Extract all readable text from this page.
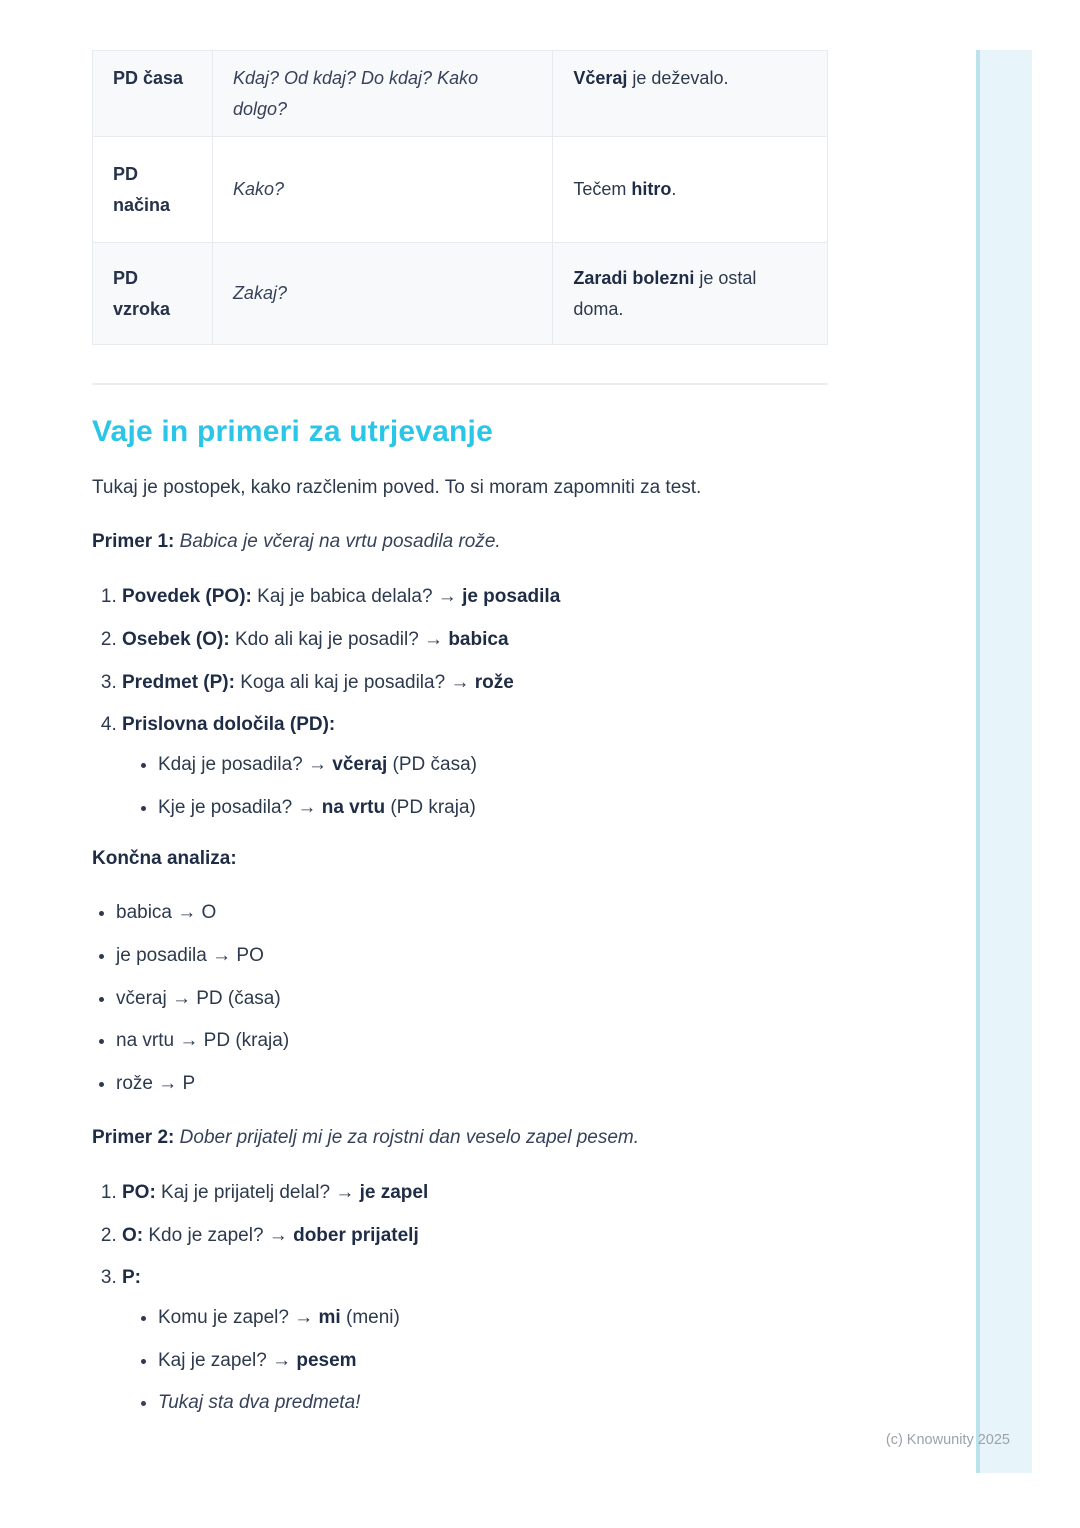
PD časa	Kdaj? Od kdaj? Do kdaj? Kako dolgo?	Včeraj je deževalo.
PD načina	Kako?	Tečem hitro.
PD vzroka	Zakaj?	Zaradi bolezni je ostal doma.
Vaje in primeri za utrjevanje

Tukaj je postopek, kako razčlenim poved. To si moram zapomniti za test.

Primer 1: Babica je včeraj na vrtu posadila rože.

1. Povedek (PO): Kaj je babica delala? → je posadila
2. Osebek (O): Kdo ali kaj je posadil? → babica
3. Predmet (P): Koga ali kaj je posadila? → rože
4. Prislovna določila (PD):
• Kdaj je posadila? → včeraj (PD časa)
• Kje je posadila? → na vrtu (PD kraja)

Končna analiza:

• babica → O
• je posadila → PO
• včeraj → PD (časa)
• na vrtu → PD (kraja)
• rože → P

Primer 2: Dober prijatelj mi je za rojstni dan veselo zapel pesem.

1. PO: Kaj je prijatelj delal? → je zapel
2. O: Kdo je zapel? → dober prijatelj
3. P:
• Komu je zapel? → mi (meni)
• Kaj je zapel? → pesem
• Tukaj sta dva predmeta!
(c) Knowunity 2025
